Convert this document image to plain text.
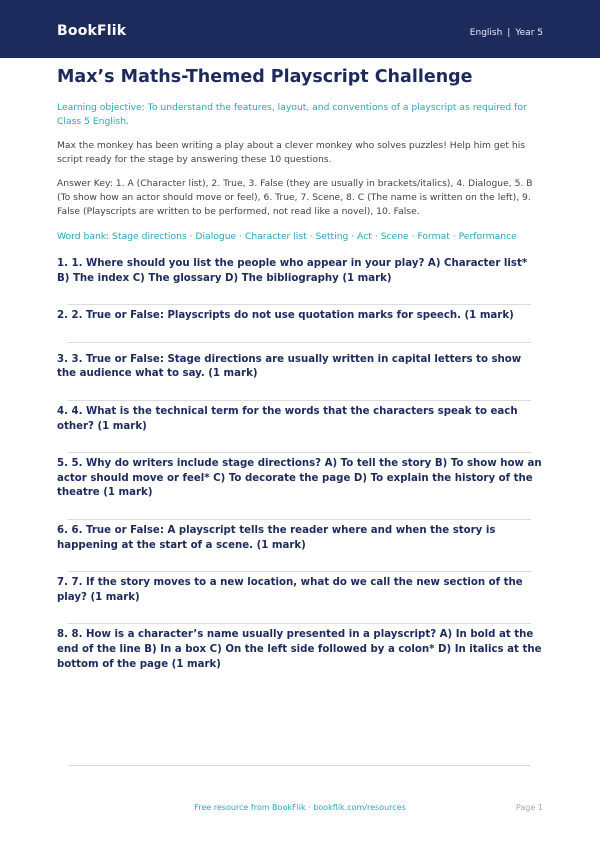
BookFlik	English | Year 5
Max’s Maths-Themed Playscript Challenge
Learning objective: To understand the features, layout, and conventions of a playscript as required for Class 5 English.
Max the monkey has been writing a play about a clever monkey who solves puzzles! Help him get his script ready for the stage by answering these 10 questions.
Answer Key: 1. A (Character list), 2. True, 3. False (they are usually in brackets/italics), 4. Dialogue, 5. B (To show how an actor should move or feel), 6. True, 7. Scene, 8. C (The name is written on the left), 9. False (Playscripts are written to be performed, not read like a novel), 10. False.
Word bank: Stage directions · Dialogue · Character list · Setting · Act · Scene · Format · Performance
1. 1. Where should you list the people who appear in your play? A) Character list* B) The index C) The glossary D) The bibliography (1 mark)
2. 2. True or False: Playscripts do not use quotation marks for speech. (1 mark)
3. 3. True or False: Stage directions are usually written in capital letters to show the audience what to say. (1 mark)
4. 4. What is the technical term for the words that the characters speak to each other? (1 mark)
5. 5. Why do writers include stage directions? A) To tell the story B) To show how an actor should move or feel* C) To decorate the page D) To explain the history of the theatre (1 mark)
6. 6. True or False: A playscript tells the reader where and when the story is happening at the start of a scene. (1 mark)
7. 7. If the story moves to a new location, what do we call the new section of the play? (1 mark)
8. 8. How is a character’s name usually presented in a playscript? A) In bold at the end of the line B) In a box C) On the left side followed by a colon* D) In italics at the bottom of the page (1 mark)
Free resource from BookFlik · bookflik.com/resources	Page 1
